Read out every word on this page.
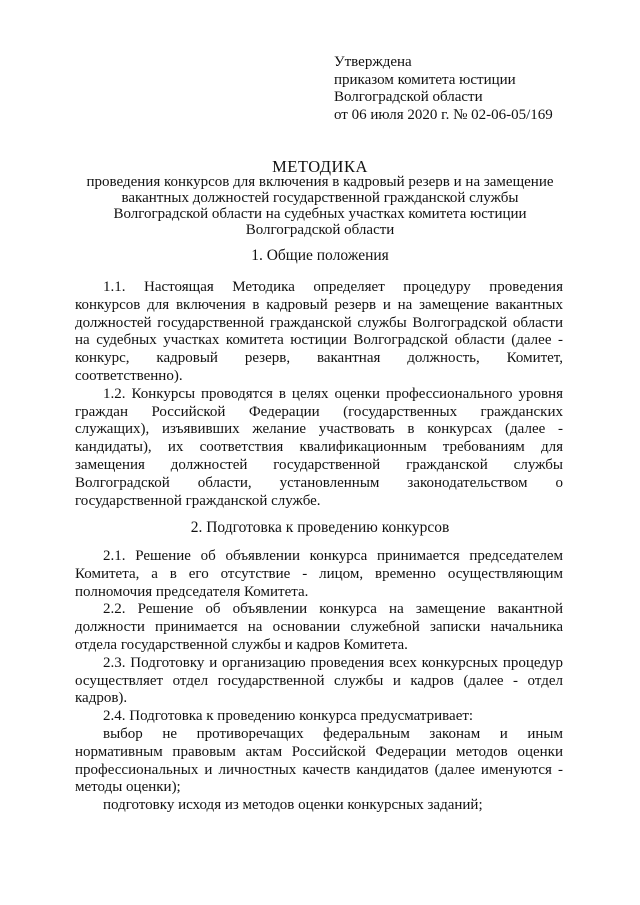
Утверждена
приказом комитета юстиции
Волгоградской области
от 06 июля 2020 г. № 02-06-05/169
МЕТОДИКА
проведения конкурсов для включения в кадровый резерв и на замещение
вакантных должностей государственной гражданской службы
Волгоградской области на судебных участках комитета юстиции
Волгоградской области
1. Общие положения
1.1. Настоящая Методика определяет процедуру проведения
конкурсов для включения в кадровый резерв и на замещение вакантных
должностей государственной гражданской службы Волгоградской области
на судебных участках комитета юстиции Волгоградской области (далее -
конкурс, кадровый резерв, вакантная должность, Комитет,
соответственно).
1.2. Конкурсы проводятся в целях оценки профессионального уровня
граждан Российской Федерации (государственных гражданских
служащих), изъявивших желание участвовать в конкурсах (далее -
кандидаты), их соответствия квалификационным требованиям для
замещения должностей государственной гражданской службы
Волгоградской области, установленным законодательством о
государственной гражданской службе.
2. Подготовка к проведению конкурсов
2.1. Решение об объявлении конкурса принимается председателем
Комитета, а в его отсутствие - лицом, временно осуществляющим
полномочия председателя Комитета.
2.2. Решение об объявлении конкурса на замещение вакантной
должности принимается на основании служебной записки начальника
отдела государственной службы и кадров Комитета.
2.3. Подготовку и организацию проведения всех конкурсных процедур
осуществляет отдел государственной службы и кадров (далее - отдел
кадров).
2.4. Подготовка к проведению конкурса предусматривает:
выбор не противоречащих федеральным законам и иным
нормативным правовым актам Российской Федерации методов оценки
профессиональных и личностных качеств кандидатов (далее именуются -
методы оценки);
подготовку исходя из методов оценки конкурсных заданий;
